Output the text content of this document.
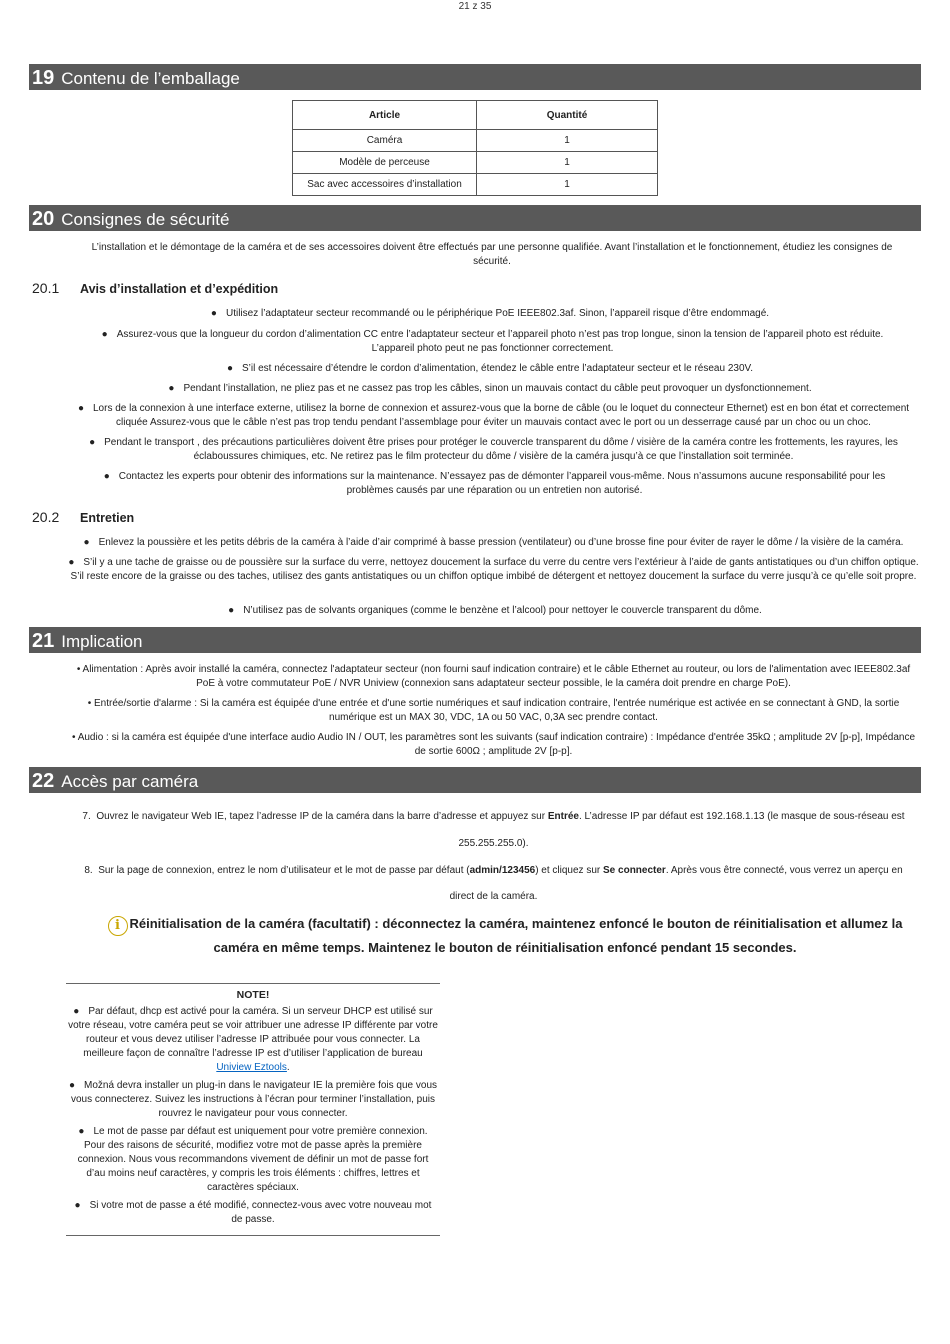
21 z 35
19 Contenu de l’emballage
Article	Quantité
Caméra	1
Modèle de perceuse	1
Sac avec accessoires d’installation	1
20 Consignes de sécurité
L’installation et le démontage de la caméra et de ses accessoires doivent être effectués par une personne qualifiée. Avant l’installation et le fonctionnement, étudiez les consignes de sécurité.
20.1	Avis d’installation et d’expédition
● Utilisez l’adaptateur secteur recommandé ou le périphérique PoE IEEE802.3af. Sinon, l’appareil risque d’être endommagé.
● Assurez-vous que la longueur du cordon d’alimentation CC entre l’adaptateur secteur et l’appareil photo n’est pas trop longue, sinon la tension de l’appareil photo est réduite. L’appareil photo peut ne pas fonctionner correctement.
● S’il est nécessaire d’étendre le cordon d’alimentation, étendez le câble entre l’adaptateur secteur et le réseau 230V.
● Pendant l’installation, ne pliez pas et ne cassez pas trop les câbles, sinon un mauvais contact du câble peut provoquer un dysfonctionnement.
● Lors de la connexion à une interface externe, utilisez la borne de connexion et assurez-vous que la borne de câble (ou le loquet du connecteur Ethernet) est en bon état et correctement cliquée Assurez-vous que le câble n’est pas trop tendu pendant l’assemblage pour éviter un mauvais contact avec le port ou un desserrage causé par un choc ou un choc.
● Pendant le transport , des précautions particulières doivent être prises pour protéger le couvercle transparent du dôme / visière de la caméra contre les frottements, les rayures, les éclaboussures chimiques, etc. Ne retirez pas le film protecteur du dôme / visière de la caméra jusqu’à ce que l’installation soit terminée.
● Contactez les experts pour obtenir des informations sur la maintenance. N’essayez pas de démonter l’appareil vous-même. Nous n’assumons aucune responsabilité pour les problèmes causés par une réparation ou un entretien non autorisé.
20.2	Entretien
● Enlevez la poussière et les petits débris de la caméra à l’aide d’air comprimé à basse pression (ventilateur) ou d’une brosse fine pour éviter de rayer le dôme / la visière de la caméra.
● S’il y a une tache de graisse ou de poussière sur la surface du verre, nettoyez doucement la surface du verre du centre vers l’extérieur à l’aide de gants antistatiques ou d’un chiffon optique. S’il reste encore de la graisse ou des taches, utilisez des gants antistatiques ou un chiffon optique imbibé de détergent et nettoyez doucement la surface du verre jusqu’à ce qu’elle soit propre.
● N’utilisez pas de solvants organiques (comme le benzène et l’alcool) pour nettoyer le couvercle transparent du dôme.
21 Implication
• Alimentation : Après avoir installé la caméra, connectez l'adaptateur secteur (non fourni sauf indication contraire) et le câble Ethernet au routeur, ou lors de l'alimentation avec IEEE802.3af PoE à votre commutateur PoE / NVR Uniview (connexion sans adaptateur secteur possible, le la caméra doit prendre en charge PoE).
• Entrée/sortie d'alarme : Si la caméra est équipée d'une entrée et d'une sortie numériques et sauf indication contraire, l'entrée numérique est activée en se connectant à GND, la sortie numérique est un MAX 30, VDC, 1A ou 50 VAC, 0,3A sec prendre contact.
• Audio : si la caméra est équipée d'une interface audio Audio IN / OUT, les paramètres sont les suivants (sauf indication contraire) : Impédance d'entrée 35kΩ ; amplitude 2V [p-p], Impédance de sortie 600Ω ; amplitude 2V [p-p].
22 Accès par caméra
7. Ouvrez le navigateur Web IE, tapez l’adresse IP de la caméra dans la barre d’adresse et appuyez sur Entrée. L’adresse IP par défaut est 192.168.1.13 (le masque de sous-réseau est
255.255.255.0).
8. Sur la page de connexion, entrez le nom d’utilisateur et le mot de passe par défaut (admin/123456) et cliquez sur Se connecter. Après vous être connecté, vous verrez un aperçu en
direct de la caméra.
i Réinitialisation de la caméra (facultatif) : déconnectez la caméra, maintenez enfoncé le bouton de réinitialisation et allumez la caméra en même temps. Maintenez le bouton de réinitialisation enfoncé pendant 15 secondes.
NOTE!
● Par défaut, dhcp est activé pour la caméra. Si un serveur DHCP est utilisé sur votre réseau, votre caméra peut se voir attribuer une adresse IP différente par votre routeur et vous devez utiliser l’adresse IP attribuée pour vous connecter. La meilleure façon de connaître l’adresse IP est d’utiliser l’application de bureau Uniview Eztools.
● Možná devra installer un plug-in dans le navigateur IE la première fois que vous vous connecterez. Suivez les instructions à l’écran pour terminer l’installation, puis rouvrez le navigateur pour vous connecter.
● Le mot de passe par défaut est uniquement pour votre première connexion. Pour des raisons de sécurité, modifiez votre mot de passe après la première connexion. Nous vous recommandons vivement de définir un mot de passe fort d’au moins neuf caractères, y compris les trois éléments : chiffres, lettres et caractères spéciaux.
● Si votre mot de passe a été modifié, connectez-vous avec votre nouveau mot de passe.
